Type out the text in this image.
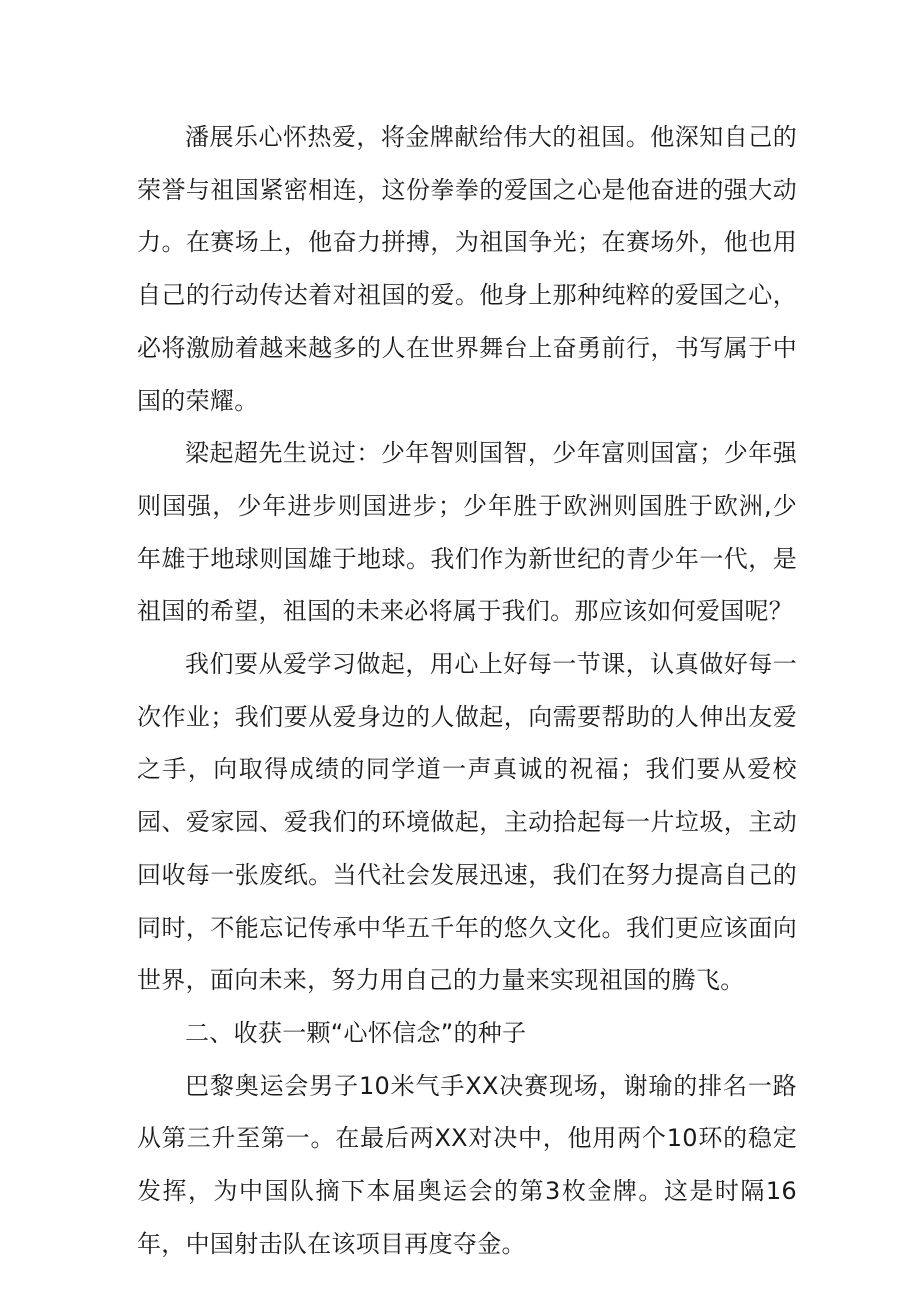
潘展乐心怀热爱，将金牌献给伟大的祖国。他深知自己的荣誉与祖国紧密相连，这份拳拳的爱国之心是他奋进的强大动力。在赛场上，他奋力拼搏，为祖国争光；在赛场外，他也用自己的行动传达着对祖国的爱。他身上那种纯粹的爱国之心，必将激励着越来越多的人在世界舞台上奋勇前行，书写属于中国的荣耀。

梁起超先生说过：少年智则国智，少年富则国富；少年强则国强，少年进步则国进步；少年胜于欧洲则国胜于欧洲,少年雄于地球则国雄于地球。我们作为新世纪的青少年一代，是祖国的希望，祖国的未来必将属于我们。那应该如何爱国呢？

我们要从爱学习做起，用心上好每一节课，认真做好每一次作业；我们要从爱身边的人做起，向需要帮助的人伸出友爱之手，向取得成绩的同学道一声真诚的祝福；我们要从爱校园、爱家园、爱我们的环境做起，主动拾起每一片垃圾，主动回收每一张废纸。当代社会发展迅速，我们在努力提高自己的同时，不能忘记传承中华五千年的悠久文化。我们更应该面向世界，面向未来，努力用自己的力量来实现祖国的腾飞。

二、收获一颗“心怀信念”的种子

巴黎奥运会男子10米气手XX决赛现场，谢瑜的排名一路从第三升至第一。在最后两XX对决中，他用两个10环的稳定发挥，为中国队摘下本届奥运会的第3枚金牌。这是时隔16年，中国射击队在该项目再度夺金。
